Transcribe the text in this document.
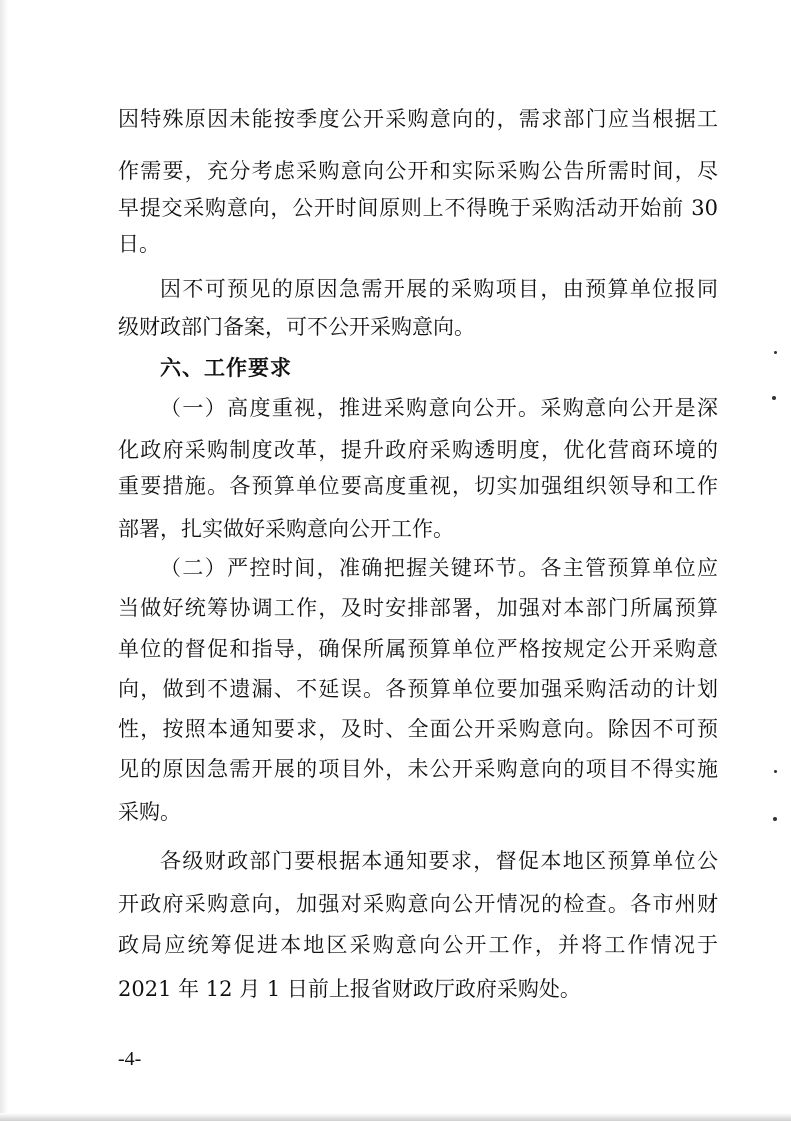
因特殊原因未能按季度公开采购意向的，需求部门应当根据工
作需要，充分考虑采购意向公开和实际采购公告所需时间，尽
早提交采购意向，公开时间原则上不得晚于采购活动开始前 30
日。
因不可预见的原因急需开展的采购项目，由预算单位报同
级财政部门备案，可不公开采购意向。
六、工作要求
（一）高度重视，推进采购意向公开。采购意向公开是深
化政府采购制度改革，提升政府采购透明度，优化营商环境的
重要措施。各预算单位要高度重视，切实加强组织领导和工作
部署，扎实做好采购意向公开工作。
（二）严控时间，准确把握关键环节。各主管预算单位应
当做好统筹协调工作，及时安排部署，加强对本部门所属预算
单位的督促和指导，确保所属预算单位严格按规定公开采购意
向，做到不遗漏、不延误。各预算单位要加强采购活动的计划
性，按照本通知要求，及时、全面公开采购意向。除因不可预
见的原因急需开展的项目外，未公开采购意向的项目不得实施
采购。
各级财政部门要根据本通知要求，督促本地区预算单位公
开政府采购意向，加强对采购意向公开情况的检查。各市州财
政局应统筹促进本地区采购意向公开工作，并将工作情况于
2021 年 12 月 1 日前上报省财政厅政府采购处。
-4-
